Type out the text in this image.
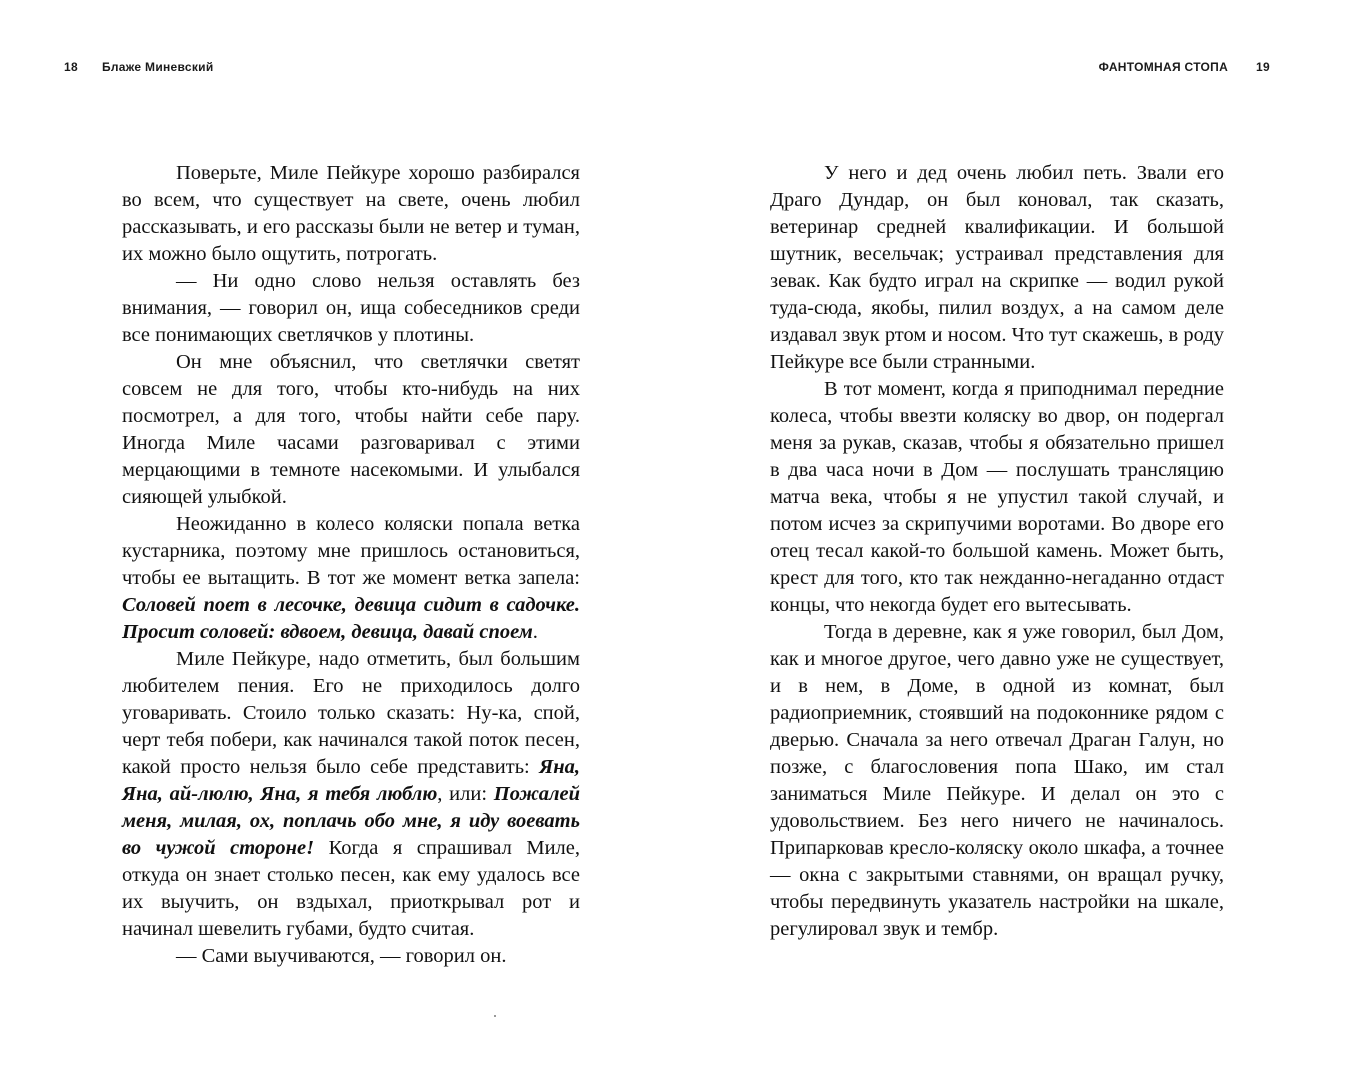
18 Блаже Миневский

Поверьте, Миле Пейкуре хорошо разбирался во всем, что существует на свете, очень любил рассказывать, и его рассказы были не ветер и туман, их можно было ощутить, потрогать.

— Ни одно слово нельзя оставлять без внимания, — говорил он, ища собеседников среди все понимающих светлячков у плотины.

Он мне объяснил, что светлячки светят совсем не для того, чтобы кто-нибудь на них посмотрел, а для того, чтобы найти себе пару. Иногда Миле часами разговаривал с этими мерцающими в темноте насекомыми. И улыбался сияющей улыбкой.

Неожиданно в колесо коляски попала ветка кустарника, поэтому мне пришлось остановиться, чтобы ее вытащить. В тот же момент ветка запела: Соловей поет в лесочке, девица сидит в садочке. Просит соловей: вдвоем, девица, давай споем.

Миле Пейкуре, надо отметить, был большим любителем пения. Его не приходилось долго уговаривать. Стоило только сказать: Ну-ка, спой, черт тебя побери, как начинался такой поток песен, какой просто нельзя было себе представить: Яна, Яна, ай-люлю, Яна, я тебя люблю, или: Пожалей меня, милая, ох, поплачь обо мне, я иду воевать во чужой стороне! Когда я спрашивал Миле, откуда он знает столько песен, как ему удалось все их выучить, он вздыхал, приоткрывал рот и начинал шевелить губами, будто считая.

— Сами выучиваются, — говорил он.

ФАНТОМНАЯ СТОПА 19

У него и дед очень любил петь. Звали его Драго Дундар, он был коновал, так сказать, ветеринар средней квалификации. И большой шутник, весельчак; устраивал представления для зевак. Как будто играл на скрипке — водил рукой туда-сюда, якобы, пилил воздух, а на самом деле издавал звук ртом и носом. Что тут скажешь, в роду Пейкуре все были странными.

В тот момент, когда я приподнимал передние колеса, чтобы ввезти коляску во двор, он подергал меня за рукав, сказав, чтобы я обязательно пришел в два часа ночи в Дом — послушать трансляцию матча века, чтобы я не упустил такой случай, и потом исчез за скрипучими воротами. Во дворе его отец тесал какой-то большой камень. Может быть, крест для того, кто так нежданно-негаданно отдаст концы, что некогда будет его вытесывать.

Тогда в деревне, как я уже говорил, был Дом, как и многое другое, чего давно уже не существует, и в нем, в Доме, в одной из комнат, был радиоприемник, стоявший на подоконнике рядом с дверью. Сначала за него отвечал Драган Галун, но позже, с благословения попа Шако, им стал заниматься Миле Пейкуре. И делал он это с удовольствием. Без него ничего не начиналось. Припарковав кресло-коляску около шкафа, а точнее — окна с закрытыми ставнями, он вращал ручку, чтобы передвинуть указатель настройки на шкале, регулировал звук и тембр.
